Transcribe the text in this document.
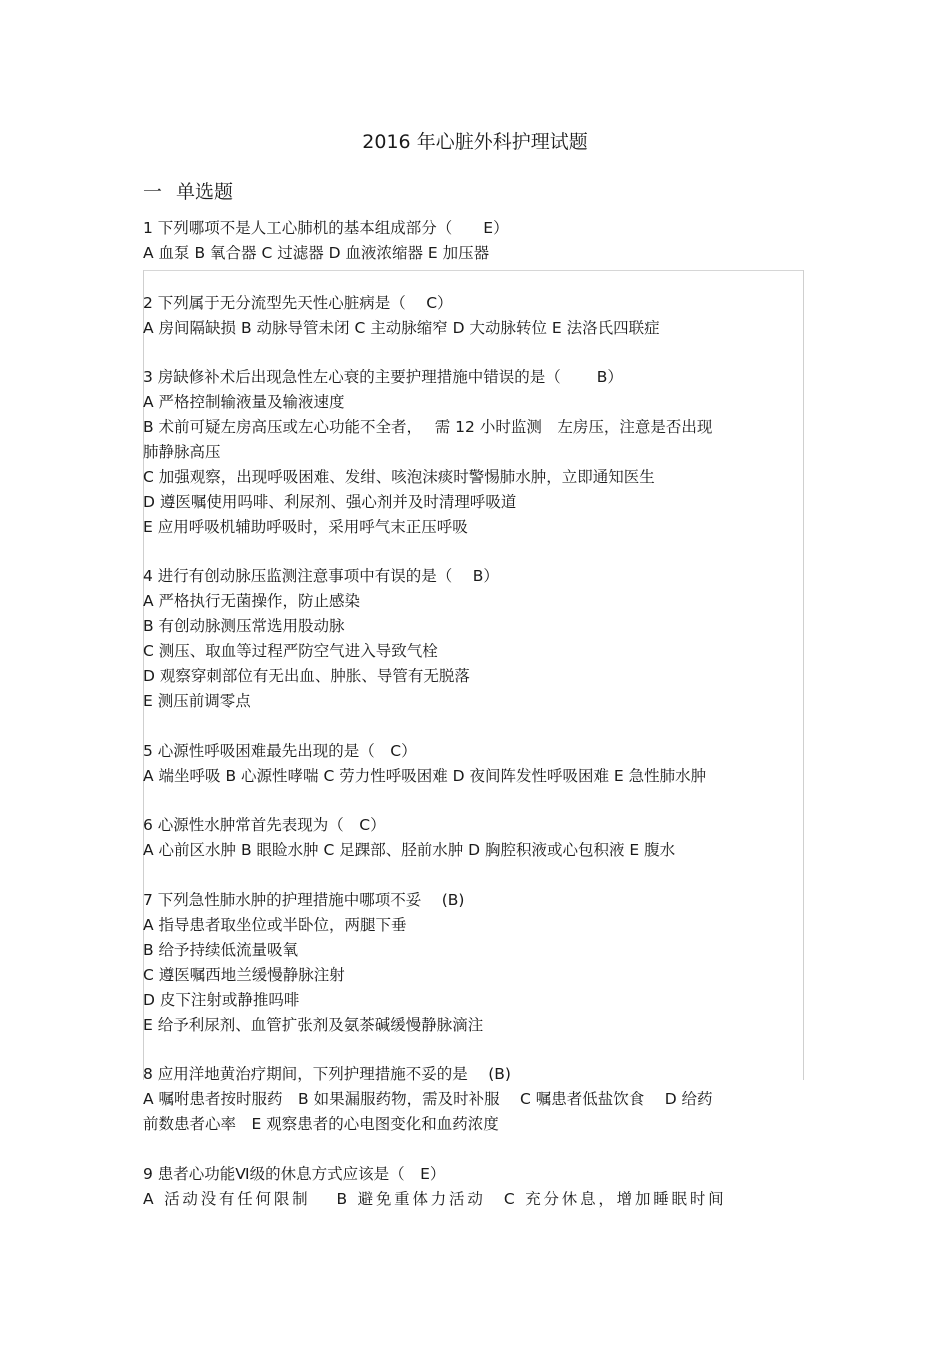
2016 年心脏外科护理试题
一 单选题
1 下列哪项不是人工心肺机的基本组成部分（　　E）
A 血泵 B 氧合器 C 过滤器 D 血液浓缩器 E 加压器
2 下列属于无分流型先天性心脏病是（　 C）
A 房间隔缺损 B 动脉导管未闭 C 主动脉缩窄 D 大动脉转位 E 法洛氏四联症
3 房缺修补术后出现急性左心衰的主要护理措施中错误的是（　　 B）
A 严格控制输液量及输液速度
B 术前可疑左房高压或左心功能不全者，　 需 12 小时监测　左房压，注意是否出现
肺静脉高压
C 加强观察，出现呼吸困难、发绀、咳泡沫痰时警惕肺水肿，立即通知医生
D 遵医嘱使用吗啡、利尿剂、强心剂并及时清理呼吸道
E 应用呼吸机辅助呼吸时，采用呼气末正压呼吸
4 进行有创动脉压监测注意事项中有误的是（　 B）
A 严格执行无菌操作，防止感染
B 有创动脉测压常选用股动脉
C 测压、取血等过程严防空气进入导致气栓
D 观察穿刺部位有无出血、肿胀、导管有无脱落
E 测压前调零点
5 心源性呼吸困难最先出现的是（　C）
A 端坐呼吸 B 心源性哮喘 C 劳力性呼吸困难 D 夜间阵发性呼吸困难 E 急性肺水肿
6 心源性水肿常首先表现为（　C）
A 心前区水肿 B 眼睑水肿 C 足踝部、胫前水肿 D 胸腔积液或心包积液 E 腹水
7 下列急性肺水肿的护理措施中哪项不妥　 (B)
A 指导患者取坐位或半卧位，两腿下垂
B 给予持续低流量吸氧
C 遵医嘱西地兰缓慢静脉注射
D 皮下注射或静推吗啡
E 给予利尿剂、血管扩张剂及氨茶碱缓慢静脉滴注
8 应用洋地黄治疗期间，下列护理措施不妥的是　 (B)
A 嘱咐患者按时服药　B 如果漏服药物，需及时补服　 C 嘱患者低盐饮食　 D 给药
前数患者心率　E 观察患者的心电图变化和血药浓度
9 患者心功能Ⅵ级的休息方式应该是（　E）
A 活动没有任何限制　 B 避免重体力活动　C 充分休息，增加睡眠时间
